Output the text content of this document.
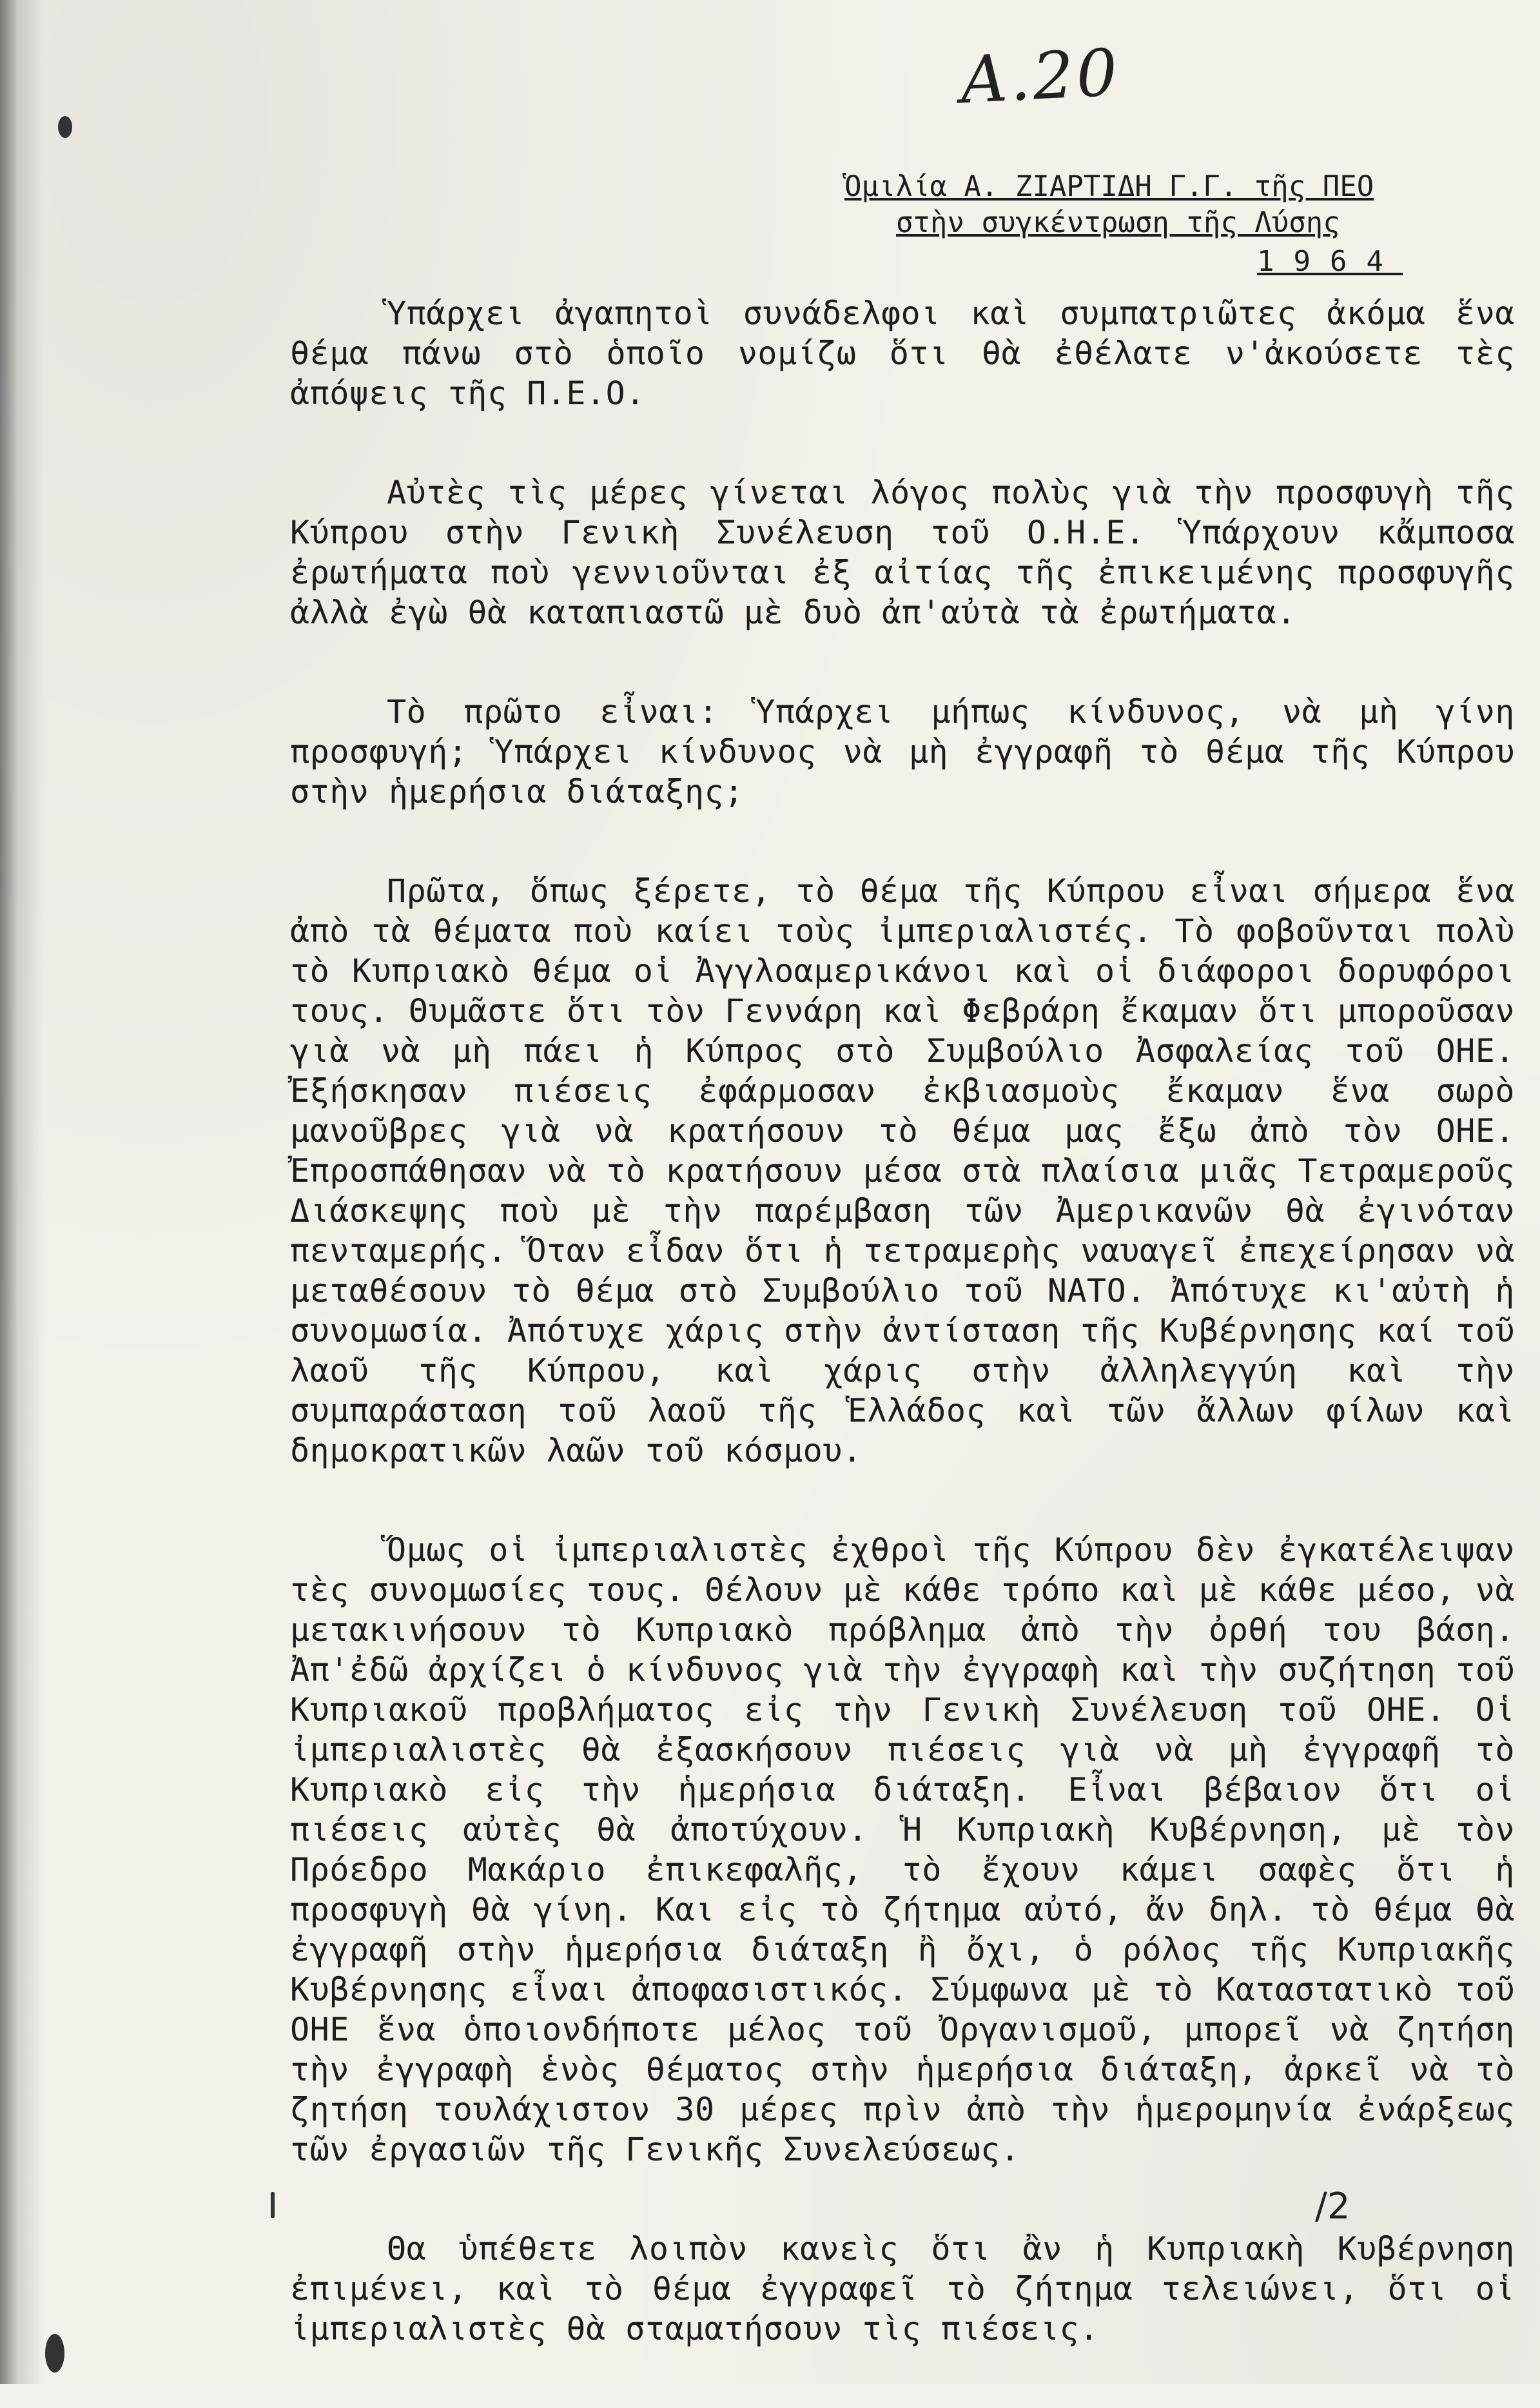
A.20
Ὁμιλία Α. ΖΙΑΡΤΙΔΗ Γ.Γ. τῆς ΠΕΟ
στὴν συγκέντρωση τῆς Λύσης
1964

Ὑπάρχει ἀγαπητοὶ συνάδελφοι καὶ συμπατριῶτες ἀκόμα ἕνα θέμα πάνω στὸ ὁποῖο νομίζω ὅτι θὰ ἐθέλατε ν'ἀκούσετε τὲς ἀπόψεις τῆς Π.Ε.Ο.

Αὐτὲς τὶς μέρες γίνεται λόγος πολὺς γιὰ τὴν προσφυγὴ τῆς Κύπρου στὴν Γενικὴ Συνέλευση τοῦ Ο.Η.Ε. Ὑπάρχουν κἄμποσα ἐρωτήματα ποὺ γεννιοῦνται ἐξ αἰτίας τῆς ἐπικειμένης προσφυγῆς ἀλλὰ ἐγὼ θὰ καταπιαστῶ μὲ δυὸ ἀπ'αὐτὰ τὰ ἐρωτήματα.

Τὸ πρῶτο εἶναι: Ὑπάρχει μήπως κίνδυνος, νὰ μὴ γίνη προσφυγή; Ὑπάρχει κίνδυνος νὰ μὴ ἐγγραφῆ τὸ θέμα τῆς Κύπρου στὴν ἡμερήσια διάταξης;

Πρῶτα, ὅπως ξέρετε, τὸ θέμα τῆς Κύπρου εἶναι σήμερα ἕνα ἀπὸ τὰ θέματα ποὺ καίει τοὺς ἰμπεριαλιστές. Τὸ φοβοῦνται πολὺ τὸ Κυπριακὸ θέμα οἱ Ἀγγλοαμερικάνοι καὶ οἱ διάφοροι δορυφόροι τους. Θυμᾶστε ὅτι τὸν Γεννάρη καὶ Φεβράρη ἔκαμαν ὅτι μποροῦσαν γιὰ νὰ μὴ πάει ἡ Κύπρος στὸ Συμβούλιο Ἀσφαλείας τοῦ ΟΗΕ. Ἐξήσκησαν πιέσεις ἐφάρμοσαν ἐκβιασμοὺς ἔκαμαν ἕνα σωρὸ μανοῦβρες γιὰ νὰ κρατήσουν τὸ θέμα μας ἔξω ἀπὸ τὸν ΟΗΕ. Ἐπροσπάθησαν νὰ τὸ κρατήσουν μέσα στὰ πλαίσια μιᾶς Τετραμεροῦς Διάσκεψης ποὺ μὲ τὴν παρέμβαση τῶν Ἀμερικανῶν θὰ ἐγινόταν πενταμερής. Ὅταν εἶδαν ὅτι ἡ τετραμερὴς ναυαγεῖ ἐπεχείρησαν νὰ μεταθέσουν τὸ θέμα στὸ Συμβούλιο τοῦ ΝΑΤΟ. Ἀπότυχε κι'αὐτὴ ἡ συνομωσία. Ἀπότυχε χάρις στὴν ἀντίσταση τῆς Κυβέρνησης καί τοῦ λαοῦ τῆς Κύπρου, καὶ χάρις στὴν ἀλληλεγγύη καὶ τὴν συμπαράσταση τοῦ λαοῦ τῆς Ἑλλάδος καὶ τῶν ἄλλων φίλων καὶ δημοκρατικῶν λαῶν τοῦ κόσμου.

Ὅμως οἱ ἰμπεριαλιστὲς ἐχθροὶ τῆς Κύπρου δὲν ἐγκατέλειψαν τὲς συνομωσίες τους. Θέλουν μὲ κάθε τρόπο καὶ μὲ κάθε μέσο, νὰ μετακινήσουν τὸ Κυπριακὸ πρόβλημα ἀπὸ τὴν ὀρθή του βάση. Ἀπ'ἐδῶ ἀρχίζει ὁ κίνδυνος γιὰ τὴν ἐγγραφὴ καὶ τὴν συζήτηση τοῦ Κυπριακοῦ προβλήματος εἰς τὴν Γενικὴ Συνέλευση τοῦ ΟΗΕ. Οἱ ἰμπεριαλιστὲς θὰ ἐξασκήσουν πιέσεις γιὰ νὰ μὴ ἐγγραφῆ τὸ Κυπριακὸ εἰς τὴν ἡμερήσια διάταξη. Εἶναι βέβαιον ὅτι οἱ πιέσεις αὐτὲς θὰ ἀποτύχουν. Ἡ Κυπριακὴ Κυβέρνηση, μὲ τὸν Πρόεδρο Μακάριο ἐπικεφαλῆς, τὸ ἔχουν κάμει σαφὲς ὅτι ἡ προσφυγὴ θὰ γίνη. Και εἰς τὸ ζήτημα αὐτό, ἄν δηλ. τὸ θέμα θὰ ἐγγραφῆ στὴν ἡμερήσια διάταξη ἢ ὄχι, ὁ ρόλος τῆς Κυπριακῆς Κυβέρνησης εἶναι ἀποφασιστικός. Σύμφωνα μὲ τὸ Καταστατικὸ τοῦ ΟΗΕ ἕνα ὁποιονδήποτε μέλος τοῦ Ὀργανισμοῦ, μπορεῖ νὰ ζητήση τὴν ἐγγραφὴ ἑνὸς θέματος στὴν ἡμερήσια διάταξη, ἀρκεῖ νὰ τὸ ζητήση τουλάχιστον 30 μέρες πρὶν ἀπὸ τὴν ἡμερομηνία ἐνάρξεως τῶν ἐργασιῶν τῆς Γενικῆς Συνελεύσεως.

Θα ὑπέθετε λοιπὸν κανεὶς ὅτι ἂν ἡ Κυπριακὴ Κυβέρνηση ἐπιμένει, καὶ τὸ θέμα ἐγγραφεῖ τὸ ζήτημα τελειώνει, ὅτι οἱ ἰμπεριαλιστὲς θὰ σταματήσουν τὶς πιέσεις.

/2
